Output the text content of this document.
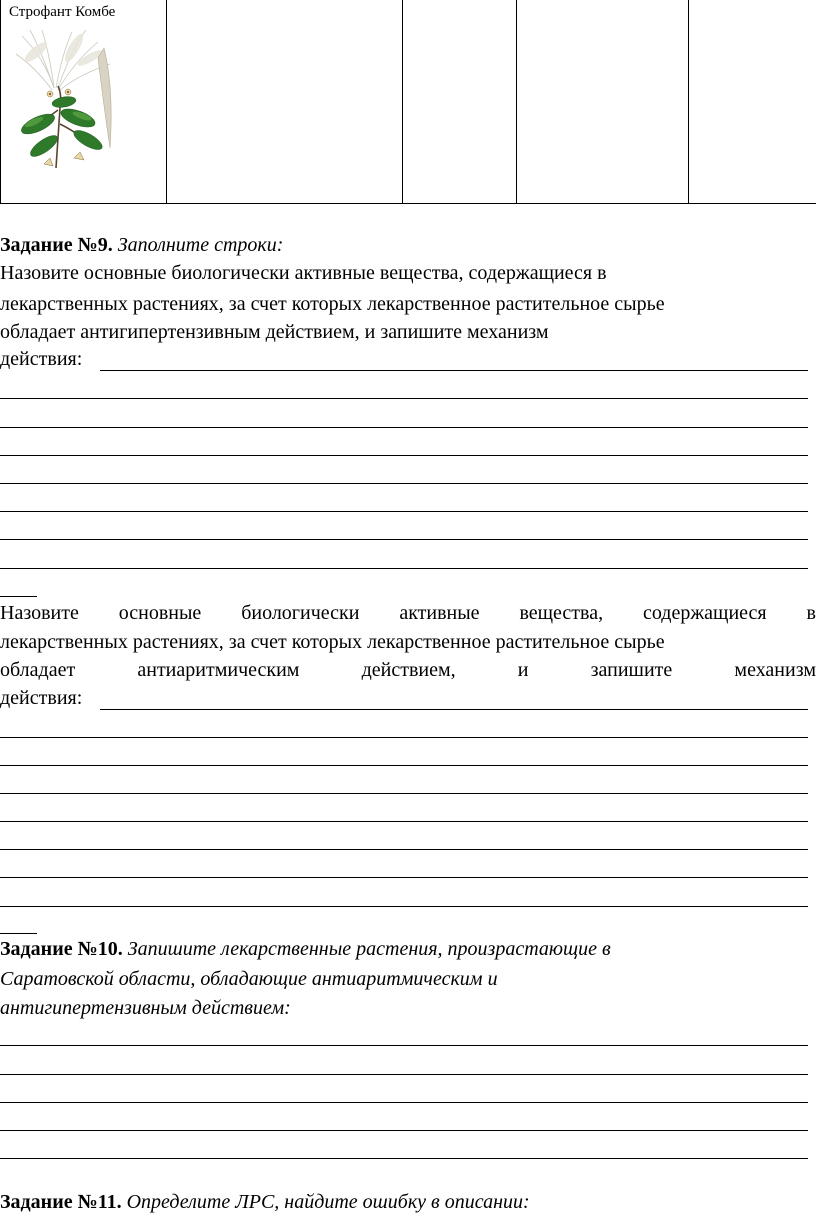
Строфант Комбе
Задание №9. Заполните строки:
Назовите основные биологически активные вещества, содержащиеся в
лекарственных растениях, за счет которых лекарственное растительное сырье
обладает антигипертензивным действием, и запишите механизм
действия:
Назовите основные биологически активные вещества, содержащиеся в
лекарственных растениях, за счет которых лекарственное растительное сырье
обладает	антиаритмическим	действием,	и	запишите	механизм
действия:
Задание №10. Запишите лекарственные растения, произрастающие в
Саратовской области, обладающие антиаритмическим и
антигипертензивным действием:
Задание №11. Определите ЛРС, найдите ошибку в описании:
